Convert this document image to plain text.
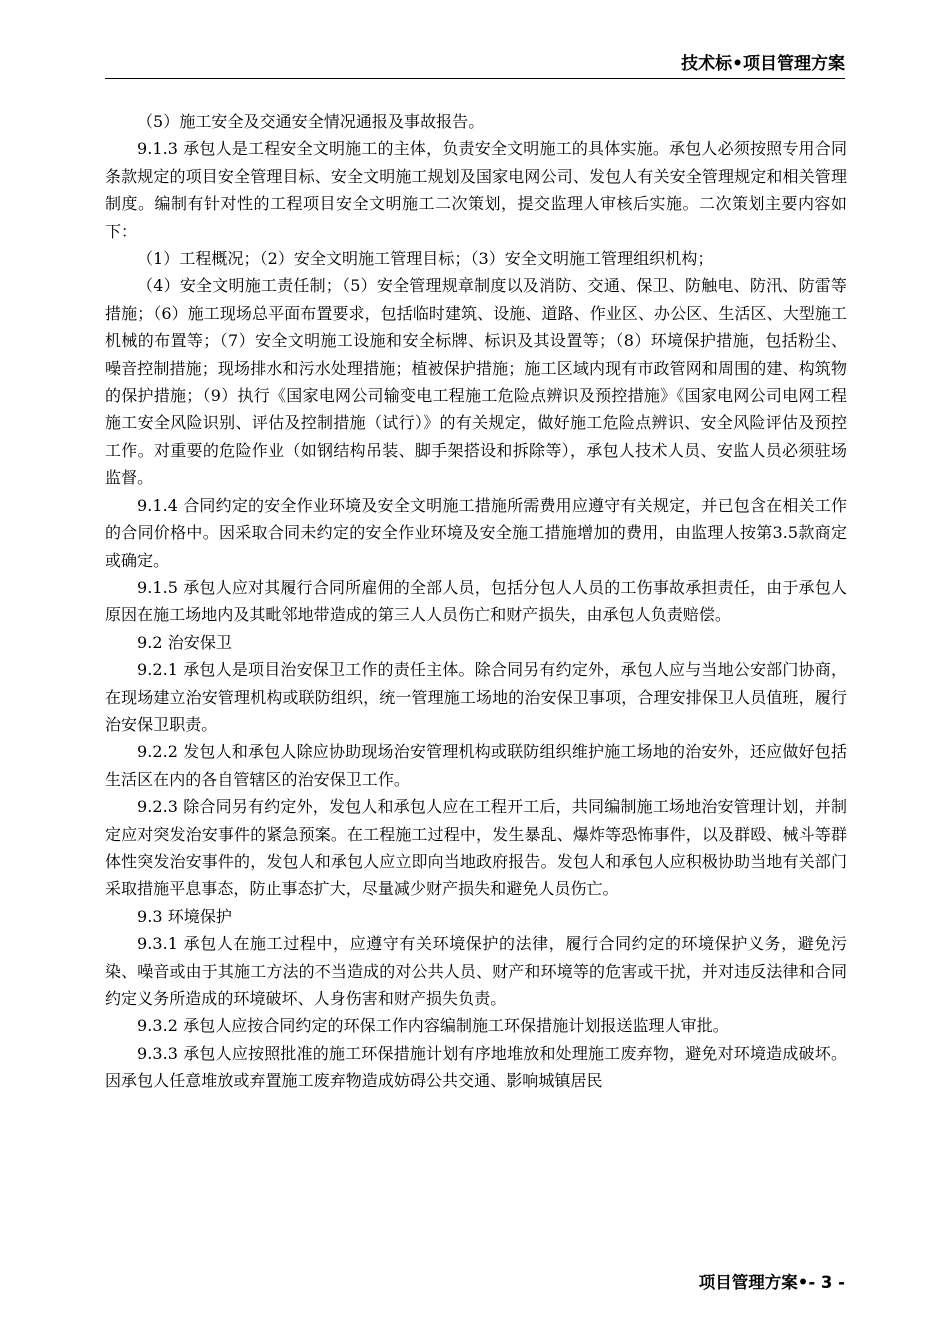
技术标•项目管理方案

（5）施工安全及交通安全情况通报及事故报告。

9.1.3 承包人是工程安全文明施工的主体，负责安全文明施工的具体实施。承包人必须按照专用合同条款规定的项目安全管理目标、安全文明施工规划及国家电网公司、发包人有关安全管理规定和相关管理制度。编制有针对性的工程项目安全文明施工二次策划，提交监理人审核后实施。二次策划主要内容如下：

（1）工程概况；（2）安全文明施工管理目标；（3）安全文明施工管理组织机构；

（4）安全文明施工责任制；（5）安全管理规章制度以及消防、交通、保卫、防触电、防汛、防雷等措施；（6）施工现场总平面布置要求，包括临时建筑、设施、道路、作业区、办公区、生活区、大型施工机械的布置等；（7）安全文明施工设施和安全标牌、标识及其设置等；（8）环境保护措施，包括粉尘、噪音控制措施；现场排水和污水处理措施；植被保护措施；施工区域内现有市政管网和周围的建、构筑物的保护措施；（9）执行《国家电网公司输变电工程施工危险点辨识及预控措施》《国家电网公司电网工程施工安全风险识别、评估及控制措施（试行）》的有关规定，做好施工危险点辨识、安全风险评估及预控工作。对重要的危险作业（如钢结构吊装、脚手架搭设和拆除等），承包人技术人员、安监人员必须驻场监督。

9.1.4 合同约定的安全作业环境及安全文明施工措施所需费用应遵守有关规定，并已包含在相关工作的合同价格中。因采取合同未约定的安全作业环境及安全施工措施增加的费用，由监理人按第3.5款商定或确定。

9.1.5 承包人应对其履行合同所雇佣的全部人员，包括分包人人员的工伤事故承担责任，由于承包人原因在施工场地内及其毗邻地带造成的第三人人员伤亡和财产损失，由承包人负责赔偿。

9.2 治安保卫

9.2.1 承包人是项目治安保卫工作的责任主体。除合同另有约定外，承包人应与当地公安部门协商，在现场建立治安管理机构或联防组织，统一管理施工场地的治安保卫事项，合理安排保卫人员值班，履行治安保卫职责。

9.2.2 发包人和承包人除应协助现场治安管理机构或联防组织维护施工场地的治安外，还应做好包括生活区在内的各自管辖区的治安保卫工作。

9.2.3 除合同另有约定外，发包人和承包人应在工程开工后，共同编制施工场地治安管理计划，并制定应对突发治安事件的紧急预案。在工程施工过程中，发生暴乱、爆炸等恐怖事件，以及群殴、械斗等群体性突发治安事件的，发包人和承包人应立即向当地政府报告。发包人和承包人应积极协助当地有关部门采取措施平息事态，防止事态扩大，尽量减少财产损失和避免人员伤亡。

9.3 环境保护

9.3.1 承包人在施工过程中，应遵守有关环境保护的法律，履行合同约定的环境保护义务，避免污染、噪音或由于其施工方法的不当造成的对公共人员、财产和环境等的危害或干扰，并对违反法律和合同约定义务所造成的环境破坏、人身伤害和财产损失负责。

9.3.2 承包人应按合同约定的环保工作内容编制施工环保措施计划报送监理人审批。

9.3.3 承包人应按照批准的施工环保措施计划有序地堆放和处理施工废弃物，避免对环境造成破坏。因承包人任意堆放或弃置施工废弃物造成妨碍公共交通、影响城镇居民

项目管理方案•- 3 -
